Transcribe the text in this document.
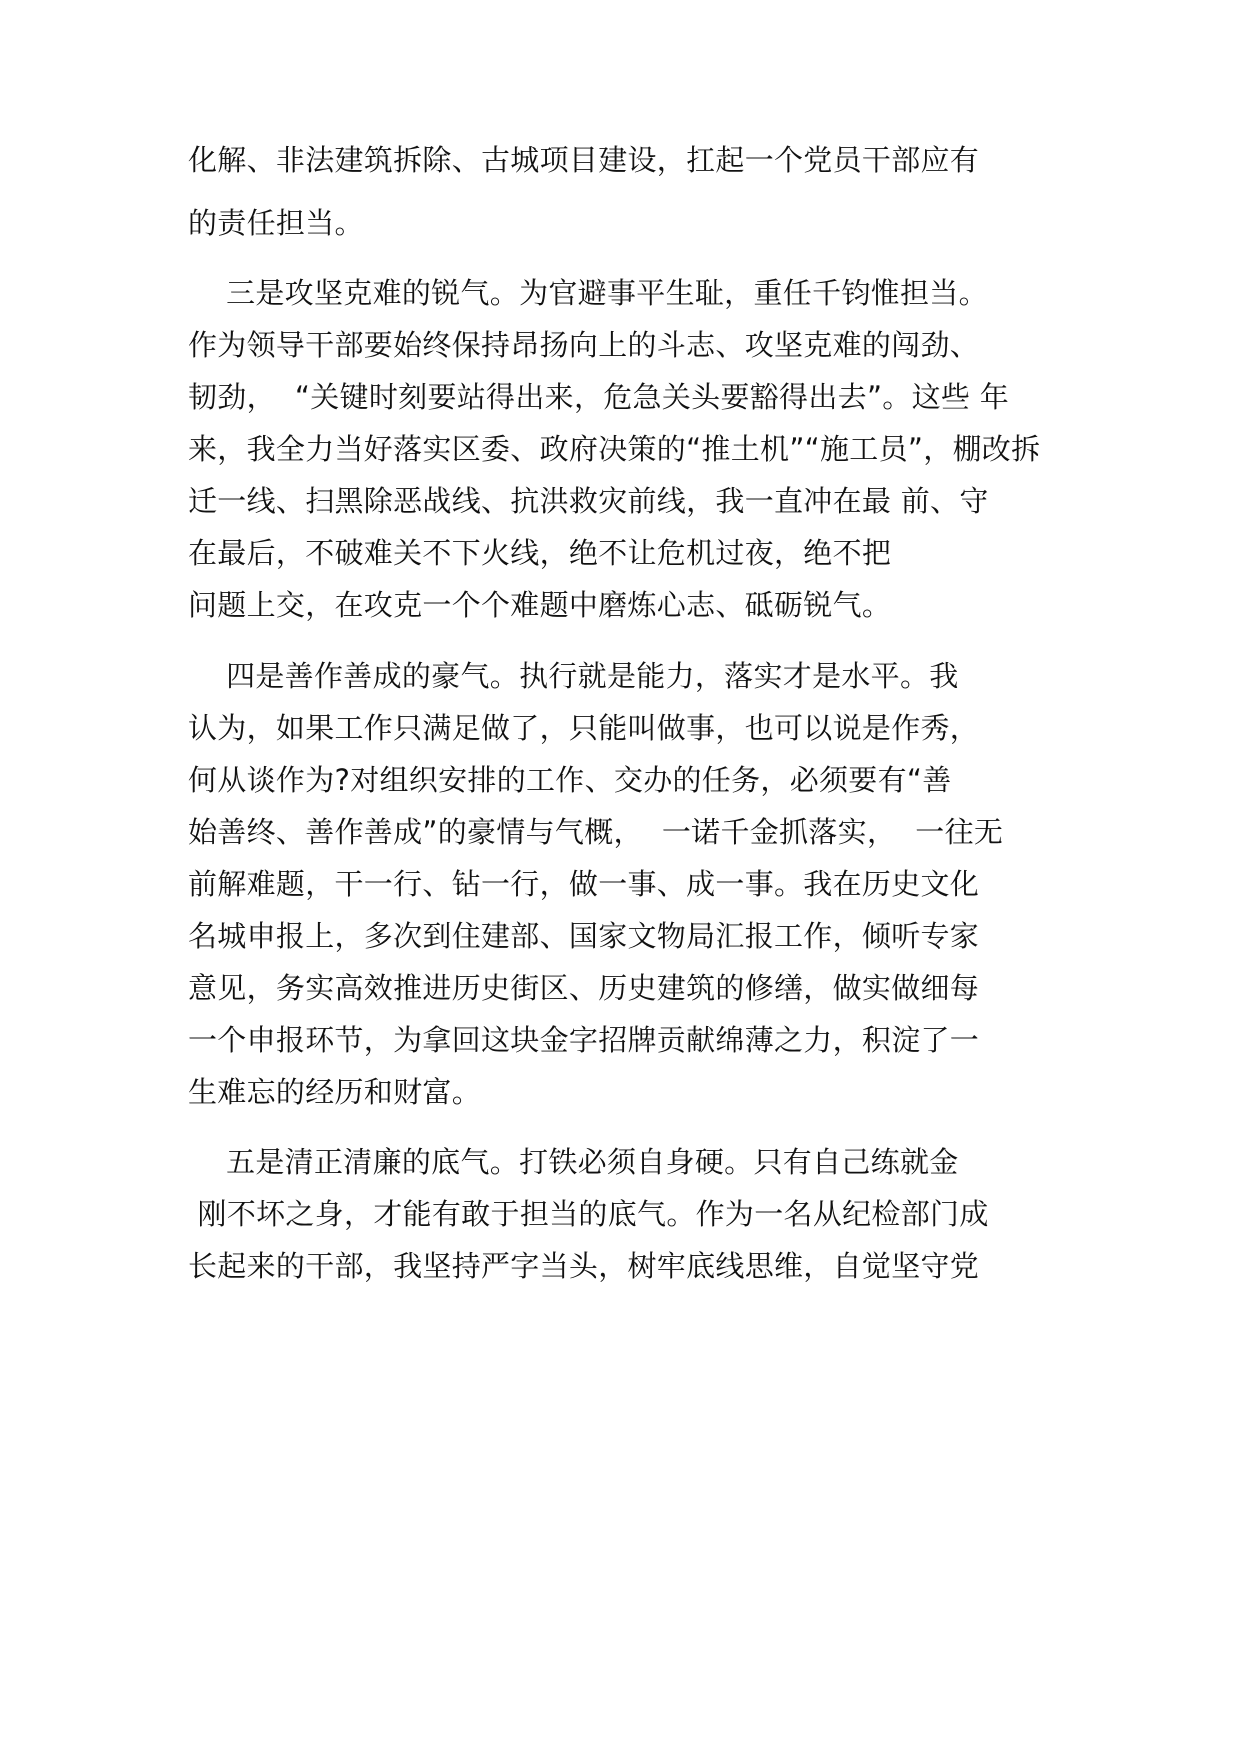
化解、非法建筑拆除、古城项目建设，扛起一个党员干部应有
的责任担当。
三是攻坚克难的锐气。为官避事平生耻，重任千钧惟担当。
作为领导干部要始终保持昂扬向上的斗志、攻坚克难的闯劲、
韧劲，  “关键时刻要站得出来，危急关头要豁得出去”。这些 年
来，我全力当好落实区委、政府决策的“推土机”“施工员”，棚改拆
迁一线、扫黑除恶战线、抗洪救灾前线，我一直冲在最 前、守
在最后，不破难关不下火线，绝不让危机过夜，绝不把
问题上交，在攻克一个个难题中磨炼心志、砥砺锐气。
四是善作善成的豪气。执行就是能力，落实才是水平。我
认为，如果工作只满足做了，只能叫做事，也可以说是作秀，
何从谈作为?对组织安排的工作、交办的任务，必须要有“善
始善终、善作善成”的豪情与气概，  一诺千金抓落实，  一往无
前解难题，干一行、钻一行，做一事、成一事。我在历史文化
名城申报上，多次到住建部、国家文物局汇报工作，倾听专家
意见，务实高效推进历史街区、历史建筑的修缮，做实做细每
一个申报环节，为拿回这块金字招牌贡献绵薄之力，积淀了一
生难忘的经历和财富。
五是清正清廉的底气。打铁必须自身硬。只有自己练就金
刚不坏之身，才能有敢于担当的底气。作为一名从纪检部门成
长起来的干部，我坚持严字当头，树牢底线思维，自觉坚守党
